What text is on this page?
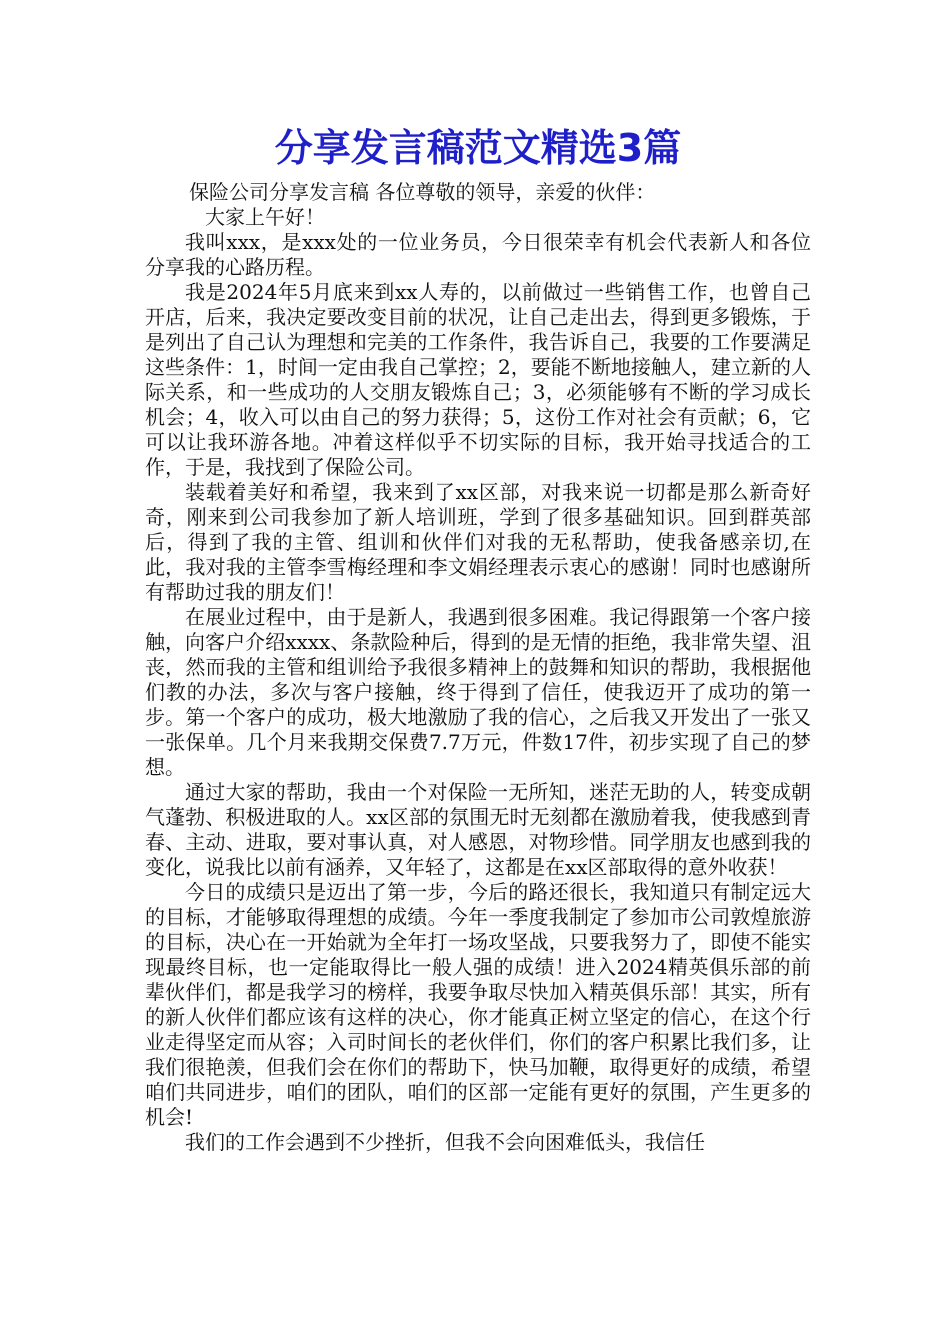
分享发言稿范文精选3篇

保险公司分享发言稿 各位尊敬的领导，亲爱的伙伴：

大家上午好！

我叫xxx，是xxx处的一位业务员，今日很荣幸有机会代表新人和各位分享我的心路历程。

我是2024年5月底来到xx人寿的，以前做过一些销售工作，也曾自己开店，后来，我决定要改变目前的状况，让自己走出去，得到更多锻炼，于是列出了自己认为理想和完美的工作条件，我告诉自己，我要的工作要满足这些条件：1，时间一定由我自己掌控；2，要能不断地接触人，建立新的人际关系，和一些成功的人交朋友锻炼自己；3，必须能够有不断的学习成长机会；4，收入可以由自己的努力获得；5，这份工作对社会有贡献；6，它可以让我环游各地。冲着这样似乎不切实际的目标，我开始寻找适合的工作，于是，我找到了保险公司。

装载着美好和希望，我来到了xx区部，对我来说一切都是那么新奇好奇，刚来到公司我参加了新人培训班，学到了很多基础知识。回到群英部后，得到了我的主管、组训和伙伴们对我的无私帮助，使我备感亲切,在此，我对我的主管李雪梅经理和李文娟经理表示衷心的感谢！同时也感谢所有帮助过我的朋友们！

在展业过程中，由于是新人，我遇到很多困难。我记得跟第一个客户接触，向客户介绍xxxx、条款险种后，得到的是无情的拒绝，我非常失望、沮丧，然而我的主管和组训给予我很多精神上的鼓舞和知识的帮助，我根据他们教的办法，多次与客户接触，终于得到了信任，使我迈开了成功的第一步。第一个客户的成功，极大地激励了我的信心，之后我又开发出了一张又一张保单。几个月来我期交保费7.7万元，件数17件，初步实现了自己的梦想。

通过大家的帮助，我由一个对保险一无所知，迷茫无助的人，转变成朝气蓬勃、积极进取的人。xx区部的氛围无时无刻都在激励着我，使我感到青春、主动、进取，要对事认真，对人感恩，对物珍惜。同学朋友也感到我的变化，说我比以前有涵养，又年轻了，这都是在xx区部取得的意外收获！

今日的成绩只是迈出了第一步，今后的路还很长，我知道只有制定远大的目标，才能够取得理想的成绩。今年一季度我制定了参加市公司敦煌旅游的目标，决心在一开始就为全年打一场攻坚战，只要我努力了，即使不能实现最终目标，也一定能取得比一般人强的成绩！进入2024精英俱乐部的前辈伙伴们，都是我学习的榜样，我要争取尽快加入精英俱乐部！其实，所有的新人伙伴们都应该有这样的决心，你才能真正树立坚定的信心，在这个行业走得坚定而从容；入司时间长的老伙伴们，你们的客户积累比我们多，让我们很艳羡，但我们会在你们的帮助下，快马加鞭，取得更好的成绩，希望咱们共同进步，咱们的团队，咱们的区部一定能有更好的氛围，产生更多的机会!

我们的工作会遇到不少挫折，但我不会向困难低头，我信任
